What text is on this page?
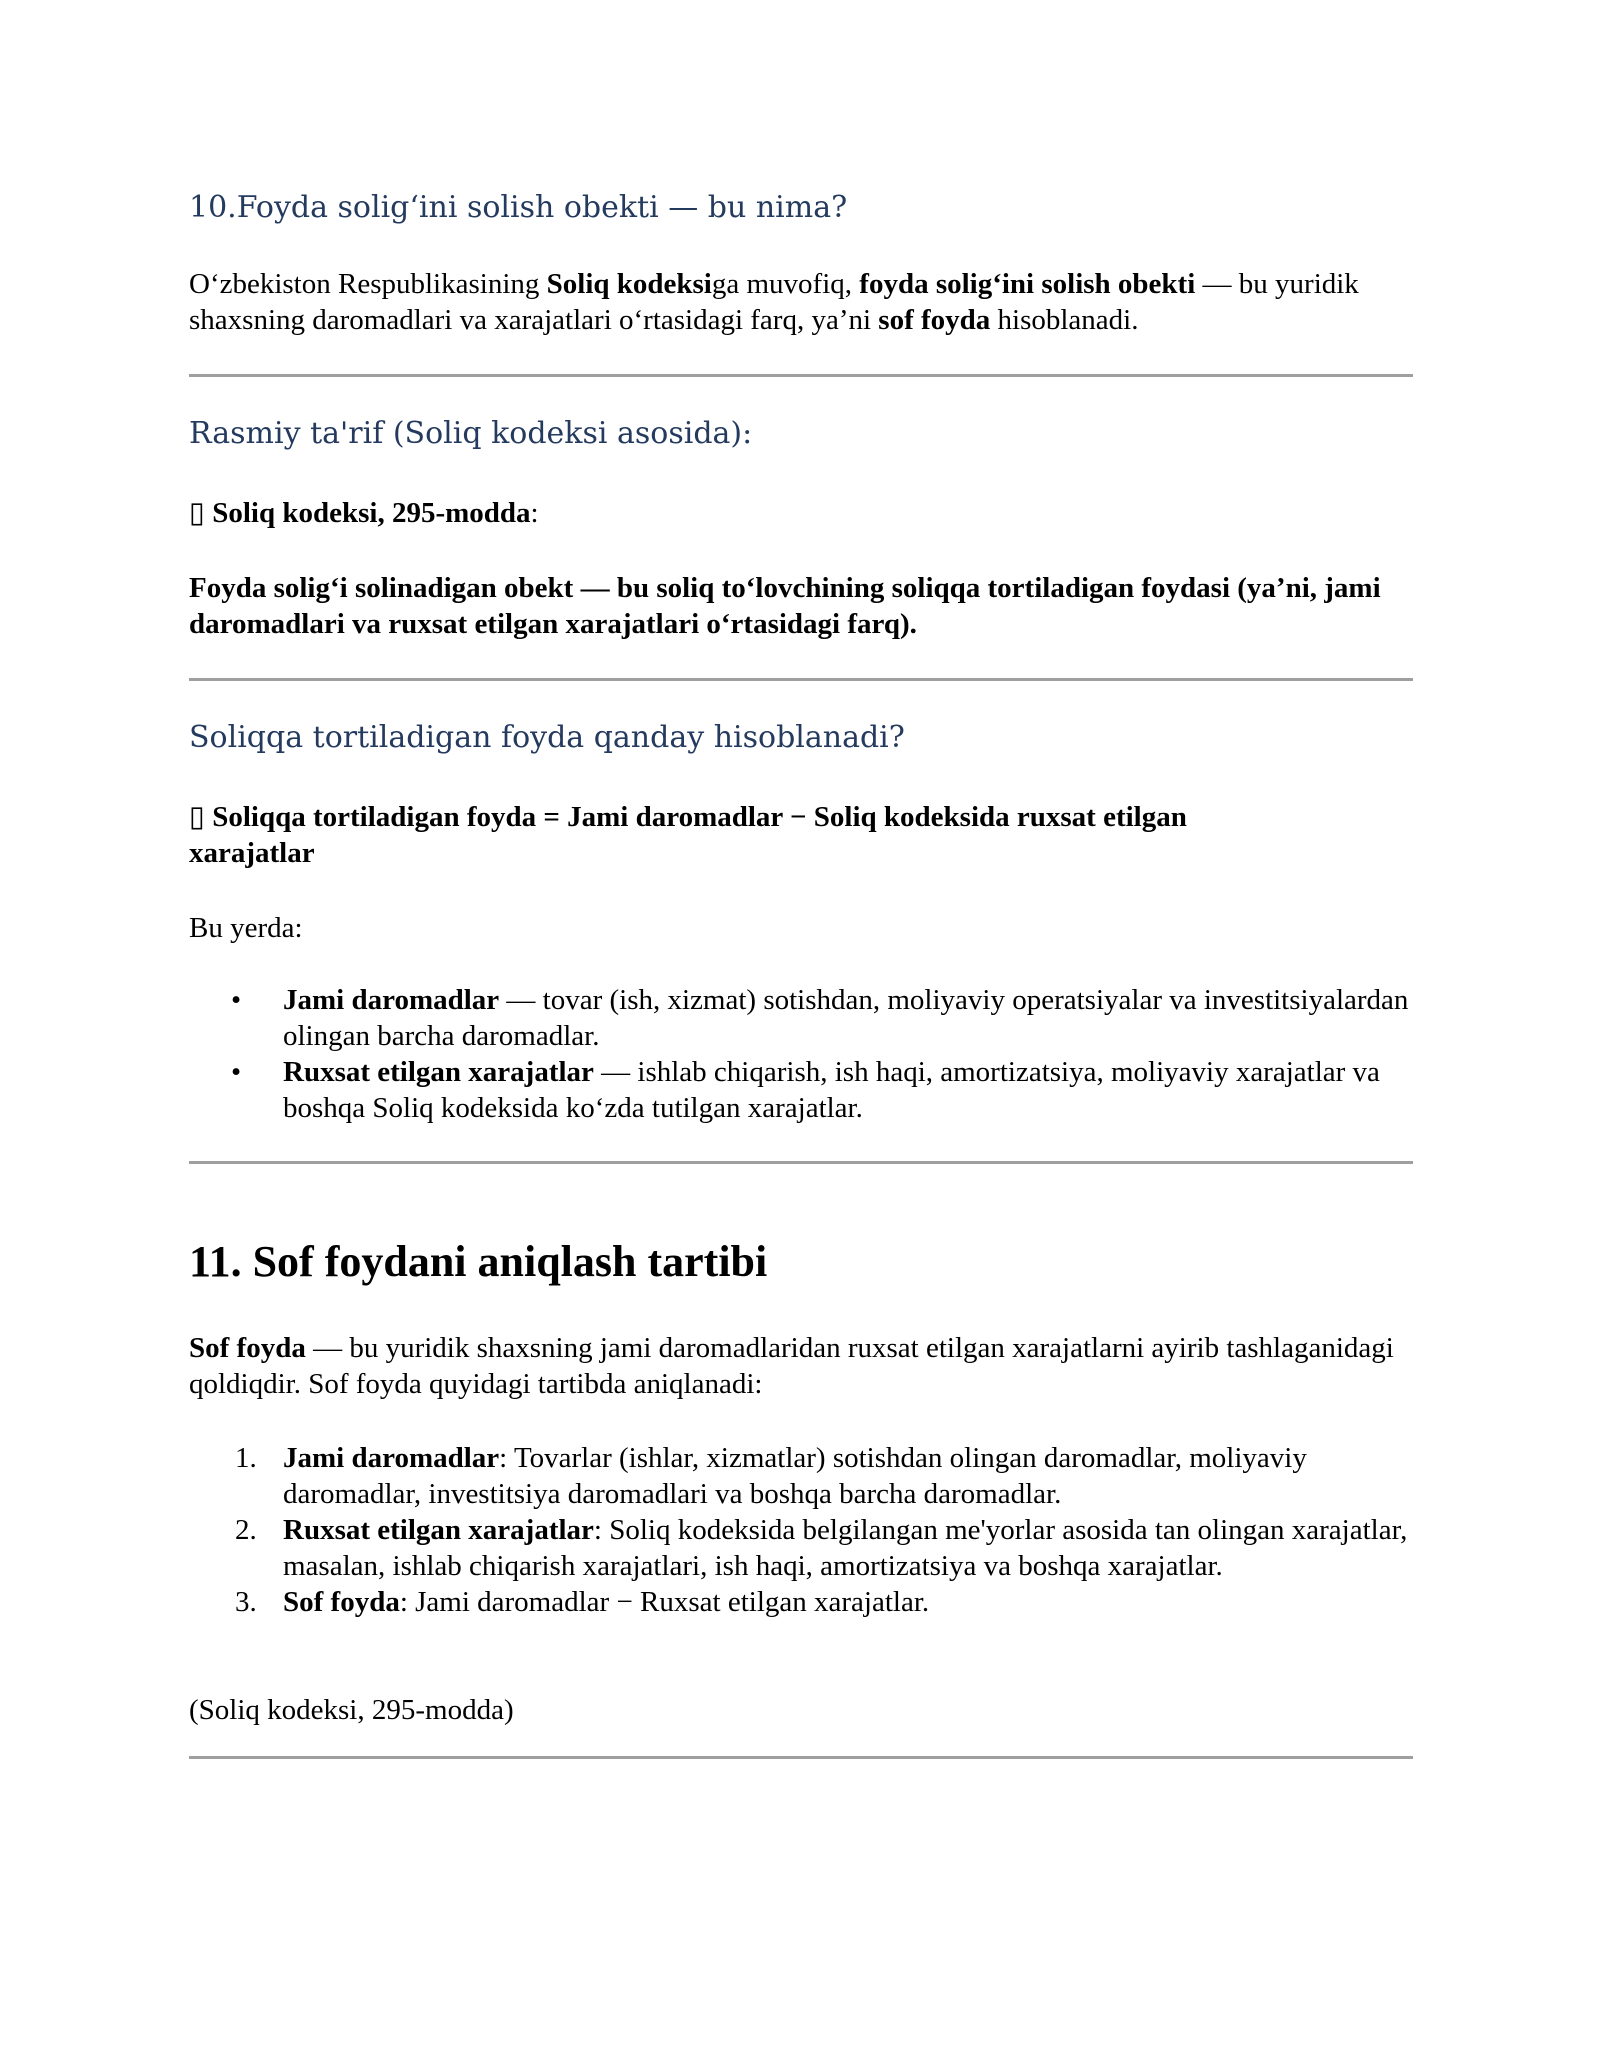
10.Foyda solig‘ini solish obekti — bu nima?

O‘zbekiston Respublikasining Soliq kodeksiga muvofiq, foyda solig‘ini solish obekti — bu yuridik shaxsning daromadlari va xarajatlari o‘rtasidagi farq, ya’ni sof foyda hisoblanadi.

Rasmiy ta'rif (Soliq kodeksi asosida):

▯ Soliq kodeksi, 295-modda:

Foyda solig‘i solinadigan obekt — bu soliq to‘lovchining soliqqa tortiladigan foydasi (ya’ni, jami daromadlari va ruxsat etilgan xarajatlari o‘rtasidagi farq).

Soliqqa tortiladigan foyda qanday hisoblanadi?

▯ Soliqqa tortiladigan foyda = Jami daromadlar − Soliq kodeksida ruxsat etilgan xarajatlar

Bu yerda:

•	Jami daromadlar — tovar (ish, xizmat) sotishdan, moliyaviy operatsiyalar va investitsiyalardan olingan barcha daromadlar.
•	Ruxsat etilgan xarajatlar — ishlab chiqarish, ish haqi, amortizatsiya, moliyaviy xarajatlar va boshqa Soliq kodeksida ko‘zda tutilgan xarajatlar.
11. Sof foydani aniqlash tartibi

Sof foyda — bu yuridik shaxsning jami daromadlaridan ruxsat etilgan xarajatlarni ayirib tashlaganidagi qoldiqdir. Sof foyda quyidagi tartibda aniqlanadi:

1. Jami daromadlar: Tovarlar (ishlar, xizmatlar) sotishdan olingan daromadlar, moliyaviy daromadlar, investitsiya daromadlari va boshqa barcha daromadlar.
2. Ruxsat etilgan xarajatlar: Soliq kodeksida belgilangan me'yorlar asosida tan olingan xarajatlar, masalan, ishlab chiqarish xarajatlari, ish haqi, amortizatsiya va boshqa xarajatlar.
3. Sof foyda: Jami daromadlar − Ruxsat etilgan xarajatlar.

(Soliq kodeksi, 295-modda)
